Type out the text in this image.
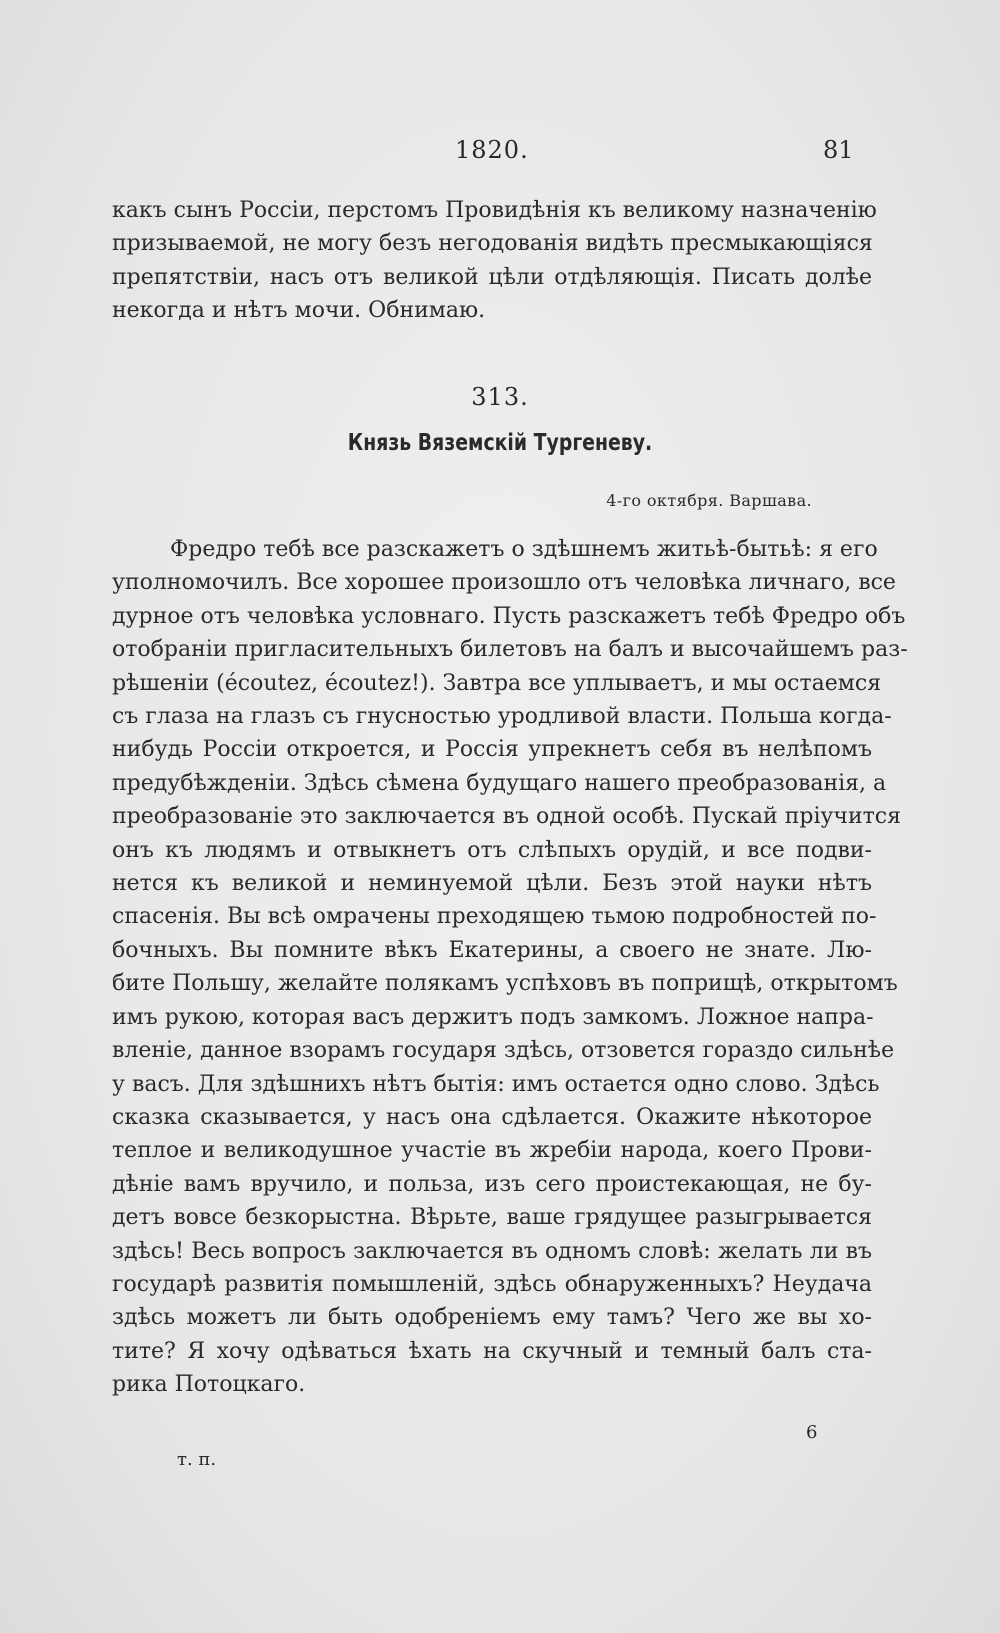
1820.	81
какъ сынъ Россіи, перстомъ Провидѣнія къ великому назначенію
призываемой, не могу безъ негодованія видѣть пресмыкающіяся
препятствіи, насъ отъ великой цѣли отдѣляющія. Писать долѣе
некогда и нѣтъ мочи. Обнимаю.
313.
Князь Вяземскій Тургеневу.
4-го октября. Варшава.
Фредро тебѣ все разскажетъ о здѣшнемъ житьѣ-бытьѣ: я его
уполномочилъ. Все хорошее произошло отъ человѣка личнаго, все
дурное отъ человѣка условнаго. Пусть разскажетъ тебѣ Фредро объ
отобраніи пригласительныхъ билетовъ на балъ и высочайшемъ раз-
рѣшеніи (écoutez, écoutez!). Завтра все уплываетъ, и мы остаемся
съ глаза на глазъ съ гнусностью уродливой власти. Польша когда-
нибудь Россіи откроется, и Россія упрекнетъ себя въ нелѣпомъ
предубѣжденіи. Здѣсь сѣмена будущаго нашего преобразованія, а
преобразованіе это заключается въ одной особѣ. Пускай пріучится
онъ къ людямъ и отвыкнетъ отъ слѣпыхъ орудій, и все подви-
нется къ великой и неминуемой цѣли. Безъ этой науки нѣтъ
спасенія. Вы всѣ омрачены преходящею тьмою подробностей по-
бочныхъ. Вы помните вѣкъ Екатерины, а своего не знате. Лю-
бите Польшу, желайте полякамъ успѣховъ въ поприщѣ, открытомъ
имъ рукою, которая васъ держитъ подъ замкомъ. Ложное напра-
вленіе, данное взорамъ государя здѣсь, отзовется гораздо сильнѣе
у васъ. Для здѣшнихъ нѣтъ бытія: имъ остается одно слово. Здѣсь
сказка сказывается, у насъ она сдѣлается. Окажите нѣкоторое
теплое и великодушное участіе въ жребіи народа, коего Прови-
дѣніе вамъ вручило, и польза, изъ сего проистекающая, не бу-
детъ вовсе безкорыстна. Вѣрьте, ваше грядущее разыгрывается
здѣсь! Весь вопросъ заключается въ одномъ словѣ: желать ли въ
государѣ развитія помышленій, здѣсь обнаруженныхъ? Неудача
здѣсь можетъ ли быть одобреніемъ ему тамъ? Чего же вы хо-
тите? Я хочу одѣваться ѣхать на скучный и темный балъ ста-
рика Потоцкаго.
т. п.
6
